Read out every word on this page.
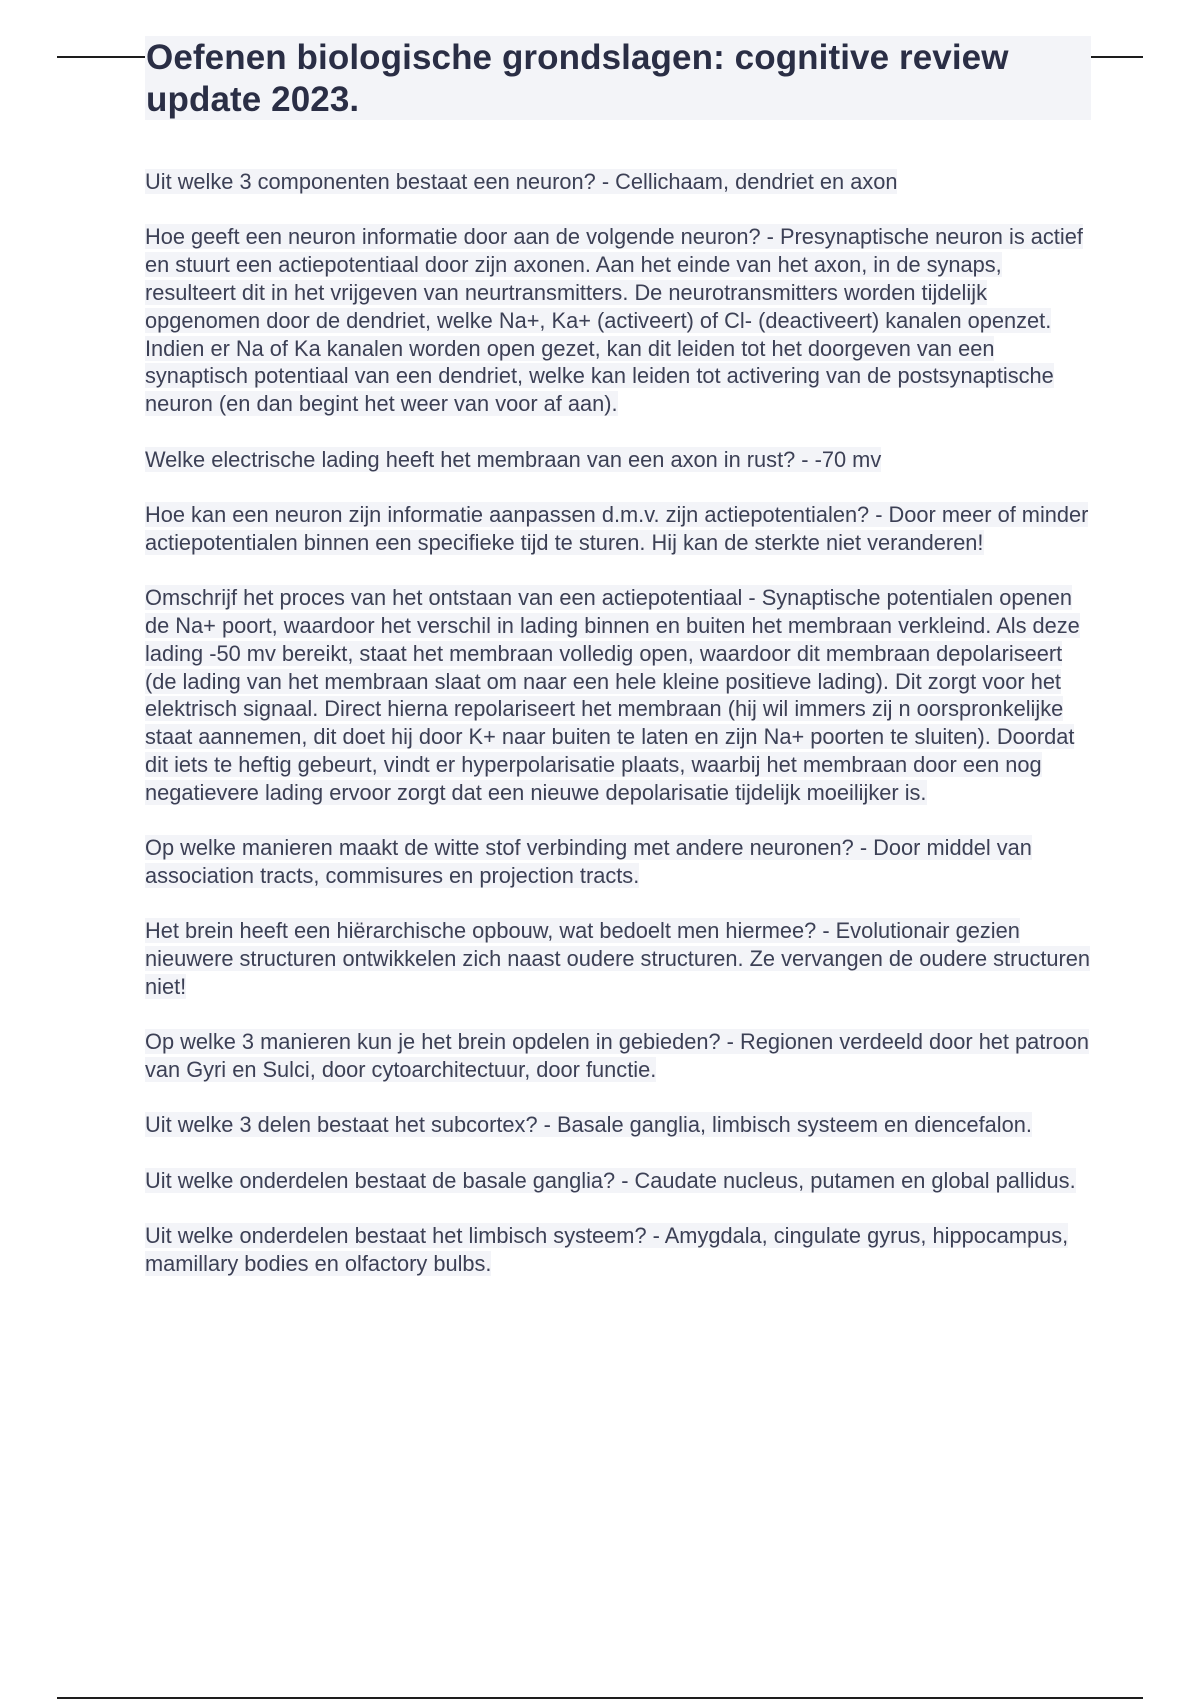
Oefenen biologische grondslagen: cognitive review update 2023.

Uit welke 3 componenten bestaat een neuron? - Cellichaam, dendriet en axon

Hoe geeft een neuron informatie door aan de volgende neuron? - Presynaptische neuron is actief en stuurt een actiepotentiaal door zijn axonen. Aan het einde van het axon, in de synaps, resulteert dit in het vrijgeven van neurtransmitters. De neurotransmitters worden tijdelijk opgenomen door de dendriet, welke Na+, Ka+ (activeert) of Cl- (deactiveert) kanalen openzet. Indien er Na of Ka kanalen worden open gezet, kan dit leiden tot het doorgeven van een synaptisch potentiaal van een dendriet, welke kan leiden tot activering van de postsynaptische neuron (en dan begint het weer van voor af aan).

Welke electrische lading heeft het membraan van een axon in rust? - -70 mv

Hoe kan een neuron zijn informatie aanpassen d.m.v. zijn actiepotentialen? - Door meer of minder actiepotentialen binnen een specifieke tijd te sturen. Hij kan de sterkte niet veranderen!

Omschrijf het proces van het ontstaan van een actiepotentiaal - Synaptische potentialen openen de Na+ poort, waardoor het verschil in lading binnen en buiten het membraan verkleind. Als deze lading -50 mv bereikt, staat het membraan volledig open, waardoor dit membraan depolariseert (de lading van het membraan slaat om naar een hele kleine positieve lading). Dit zorgt voor het elektrisch signaal. Direct hierna repolariseert het membraan (hij wil immers zij n oorspronkelijke staat aannemen, dit doet hij door K+ naar buiten te laten en zijn Na+ poorten te sluiten). Doordat dit iets te heftig gebeurt, vindt er hyperpolarisatie plaats, waarbij het membraan door een nog negatievere lading ervoor zorgt dat een nieuwe depolarisatie tijdelijk moeilijker is.

Op welke manieren maakt de witte stof verbinding met andere neuronen? - Door middel van association tracts, commisures en projection tracts.

Het brein heeft een hiërarchische opbouw, wat bedoelt men hiermee? - Evolutionair gezien nieuwere structuren ontwikkelen zich naast oudere structuren. Ze vervangen de oudere structuren niet!

Op welke 3 manieren kun je het brein opdelen in gebieden? - Regionen verdeeld door het patroon van Gyri en Sulci, door cytoarchitectuur, door functie.

Uit welke 3 delen bestaat het subcortex? - Basale ganglia, limbisch systeem en diencefalon.

Uit welke onderdelen bestaat de basale ganglia? - Caudate nucleus, putamen en global pallidus.

Uit welke onderdelen bestaat het limbisch systeem? - Amygdala, cingulate gyrus, hippocampus, mamillary bodies en olfactory bulbs.
